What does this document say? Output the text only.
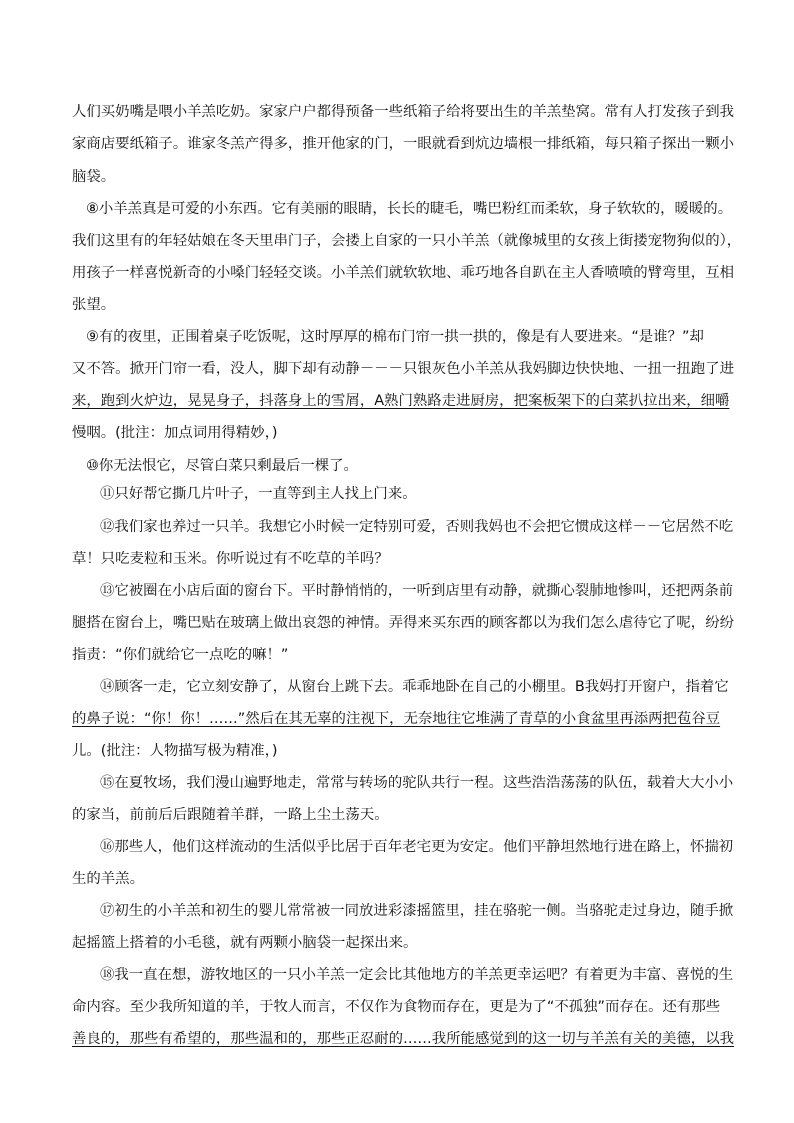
人们买奶嘴是喂小羊羔吃奶。家家户户都得预备一些纸箱子给将要出生的羊羔垫窝。常有人打发孩子到我
家商店要纸箱子。谁家冬羔产得多，推开他家的门，一眼就看到炕边墙根一排纸箱，每只箱子探出一颗小
脑袋。
⑧小羊羔真是可爱的小东西。它有美丽的眼睛，长长的睫毛，嘴巴粉红而柔软，身子软软的，暖暖的。
我们这里有的年轻姑娘在冬天里串门子，会搂上自家的一只小羊羔（就像城里的女孩上街搂宠物狗似的），
用孩子一样喜悦新奇的小嗓门轻轻交谈。小羊羔们就软软地、乖巧地各自趴在主人香喷喷的臂弯里，互相
张望。
⑨有的夜里，正围着桌子吃饭呢，这时厚厚的棉布门帘一拱一拱的，像是有人要进来。“是谁？”却
又不答。掀开门帘一看，没人，脚下却有动静－－－只银灰色小羊羔从我妈脚边快快地、一扭一扭跑了进
来，跑到火炉边，晃晃身子，抖落身上的雪屑，A熟门熟路走进厨房，把案板架下的白菜扒拉出来，细嚼
慢咽。(批注：加点词用得精妙，)
⑩你无法恨它，尽管白菜只剩最后一棵了。
⑪只好帮它撕几片叶子，一直等到主人找上门来。
⑫我们家也养过一只羊。我想它小时候一定特别可爱，否则我妈也不会把它惯成这样－－它居然不吃
草！只吃麦粒和玉米。你听说过有不吃草的羊吗？
⑬它被圈在小店后面的窗台下。平时静悄悄的，一听到店里有动静，就撕心裂肺地惨叫，还把两条前
腿搭在窗台上，嘴巴贴在玻璃上做出哀怨的神情。弄得来买东西的顾客都以为我们怎么虐待它了呢，纷纷
指责：“你们就给它一点吃的嘛！”
⑭顾客一走，它立刻安静了，从窗台上跳下去。乖乖地卧在自己的小棚里。B我妈打开窗户，指着它
的鼻子说：“你！你！……”然后在其无辜的注视下，无奈地往它堆满了青草的小食盆里再添两把苞谷豆
儿。(批注：人物描写极为精准，)
⑮在夏牧场，我们漫山遍野地走，常常与转场的驼队共行一程。这些浩浩荡荡的队伍，载着大大小小
的家当，前前后后跟随着羊群，一路上尘土荡天。
⑯那些人，他们这样流动的生活似乎比居于百年老宅更为安定。他们平静坦然地行进在路上，怀揣初
生的羊羔。
⑰初生的小羊羔和初生的婴儿常常被一同放进彩漆摇篮里，挂在骆驼一侧。当骆驼走过身边，随手掀
起摇篮上搭着的小毛毯，就有两颗小脑袋一起探出来。
⑱我一直在想，游牧地区的一只小羊羔一定会比其他地方的羊羔更幸运吧？有着更为丰富、喜悦的生
命内容。至少我所知道的羊，于牧人而言，不仅作为食物而存在，更是为了“不孤独”而存在。还有那些
善良的，那些有希望的，那些温和的，那些正忍耐的……我所能感觉到的这一切与羊羔有关的美德，以我
